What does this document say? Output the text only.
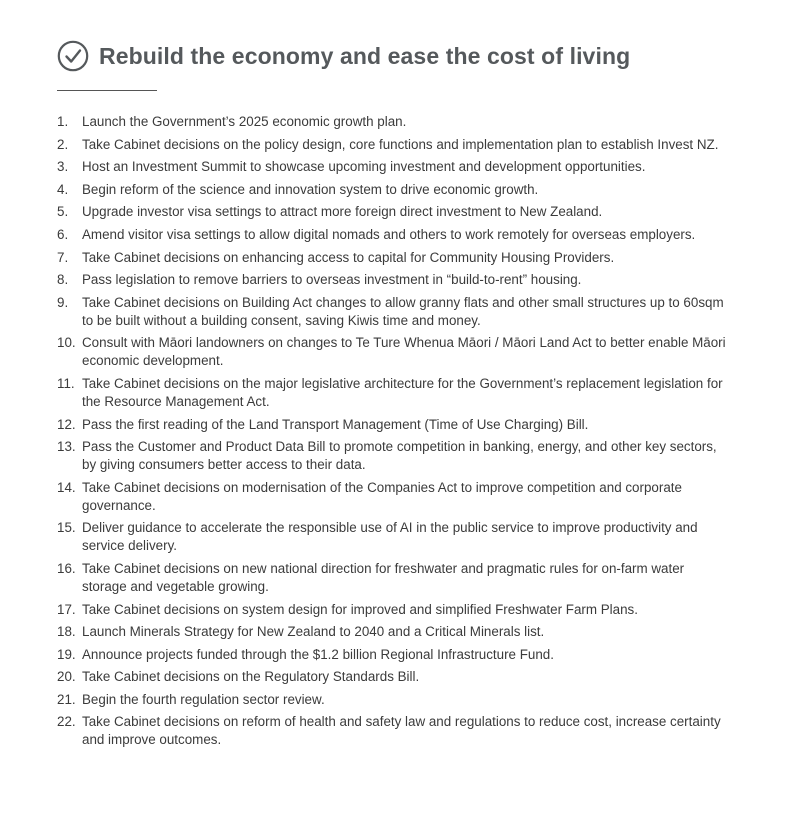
Rebuild the economy and ease the cost of living
1.	Launch the Government’s 2025 economic growth plan.
2.	Take Cabinet decisions on the policy design, core functions and implementation plan to establish Invest NZ.
3.	Host an Investment Summit to showcase upcoming investment and development opportunities.
4.	Begin reform of the science and innovation system to drive economic growth.
5.	Upgrade investor visa settings to attract more foreign direct investment to New Zealand.
6.	Amend visitor visa settings to allow digital nomads and others to work remotely for overseas employers.
7.	Take Cabinet decisions on enhancing access to capital for Community Housing Providers.
8.	Pass legislation to remove barriers to overseas investment in “build-to-rent” housing.
9.	Take Cabinet decisions on Building Act changes to allow granny flats and other small structures up to 60sqm to be built without a building consent, saving Kiwis time and money.
10. Consult with Māori landowners on changes to Te Ture Whenua Māori / Māori Land Act to better enable Māori economic development.
11. Take Cabinet decisions on the major legislative architecture for the Government’s replacement legislation for the Resource Management Act.
12. Pass the first reading of the Land Transport Management (Time of Use Charging) Bill.
13. Pass the Customer and Product Data Bill to promote competition in banking, energy, and other key sectors, by giving consumers better access to their data.
14. Take Cabinet decisions on modernisation of the Companies Act to improve competition and corporate governance.
15. Deliver guidance to accelerate the responsible use of AI in the public service to improve productivity and service delivery.
16. Take Cabinet decisions on new national direction for freshwater and pragmatic rules for on-farm water storage and vegetable growing.
17. Take Cabinet decisions on system design for improved and simplified Freshwater Farm Plans.
18. Launch Minerals Strategy for New Zealand to 2040 and a Critical Minerals list.
19. Announce projects funded through the $1.2 billion Regional Infrastructure Fund.
20. Take Cabinet decisions on the Regulatory Standards Bill.
21. Begin the fourth regulation sector review.
22. Take Cabinet decisions on reform of health and safety law and regulations to reduce cost, increase certainty and improve outcomes.
